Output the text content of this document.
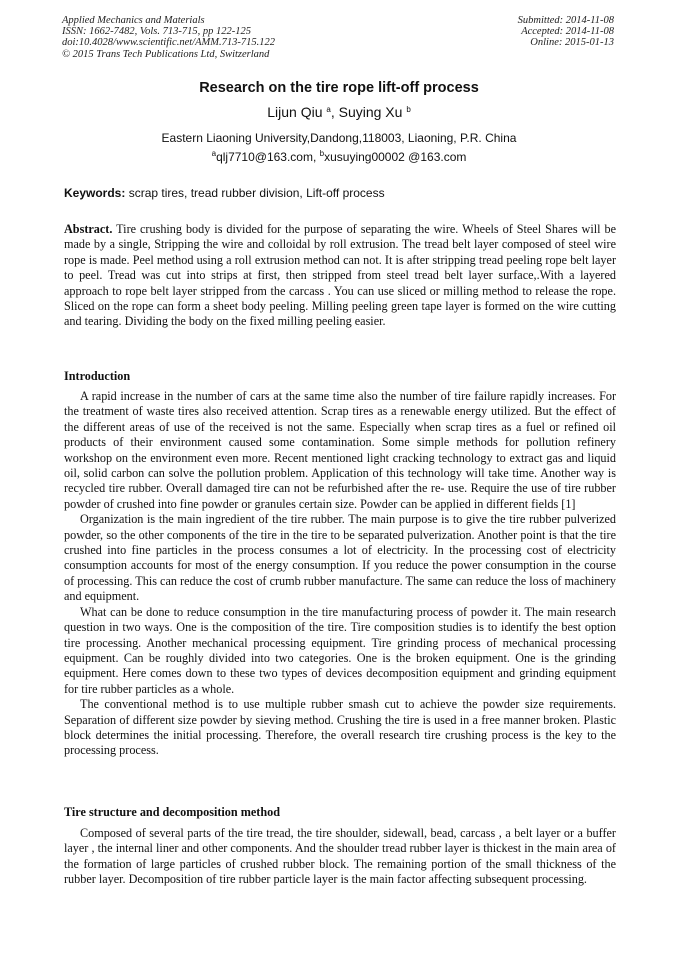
Applied Mechanics and Materials
ISSN: 1662-7482, Vols. 713-715, pp 122-125
doi:10.4028/www.scientific.net/AMM.713-715.122
© 2015 Trans Tech Publications Ltd, Switzerland
Submitted: 2014-11-08
Accepted: 2014-11-08
Online: 2015-01-13
Research on the tire rope lift-off process
Lijun Qiu $^a$, Suying Xu $^b$
Eastern Liaoning University,Dandong,118003, Liaoning, P.R. China
$^a$qlj7710@163.com, $^b$xusuying00002 @163.com
Keywords: scrap tires, tread rubber division, Lift-off process

Abstract. Tire crushing body is divided for the purpose of separating the wire. Wheels of Steel Shares will be made by a single, Stripping the wire and colloidal by roll extrusion. The tread belt layer composed of steel wire rope is made. Peel method using a roll extrusion method can not. It is after stripping tread peeling rope belt layer to peel. Tread was cut into strips at first, then stripped from steel tread belt layer surface,.With a layered approach to rope belt layer stripped from the carcass . You can use sliced or milling method to release the rope. Sliced on the rope can form a sheet body peeling. Milling peeling green tape layer is formed on the wire cutting and tearing. Dividing the body on the fixed milling peeling easier.

Introduction

A rapid increase in the number of cars at the same time also the number of tire failure rapidly increases. For the treatment of waste tires also received attention. Scrap tires as a renewable energy utilized. But the effect of the different areas of use of the received is not the same. Especially when scrap tires as a fuel or refined oil products of their environment caused some contamination. Some simple methods for pollution refinery workshop on the environment even more. Recent mentioned light cracking technology to extract gas and liquid oil, solid carbon can solve the pollution problem. Application of this technology will take time. Another way is recycled tire rubber. Overall damaged tire can not be refurbished after the re- use. Require the use of tire rubber powder of crushed into fine powder or granules certain size. Powder can be applied in different fields [1]

Organization is the main ingredient of the tire rubber. The main purpose is to give the tire rubber pulverized powder, so the other components of the tire in the tire to be separated pulverization. Another point is that the tire crushed into fine particles in the process consumes a lot of electricity. In the processing cost of electricity consumption accounts for most of the energy consumption. If you reduce the power consumption in the course of processing. This can reduce the cost of crumb rubber manufacture. The same can reduce the loss of machinery and equipment.

What can be done to reduce consumption in the tire manufacturing process of powder it. The main research question in two ways. One is the composition of the tire. Tire composition studies is to identify the best option tire processing. Another mechanical processing equipment. Tire grinding process of mechanical processing equipment. Can be roughly divided into two categories. One is the broken equipment. One is the grinding equipment. Here comes down to these two types of devices decomposition equipment and grinding equipment for tire rubber particles as a whole.

The conventional method is to use multiple rubber smash cut to achieve the powder size requirements. Separation of different size powder by sieving method. Crushing the tire is used in a free manner broken. Plastic block determines the initial processing. Therefore, the overall research tire crushing process is the key to the processing process.

Tire structure and decomposition method

Composed of several parts of the tire tread, the tire shoulder, sidewall, bead, carcass , a belt layer or a buffer layer , the internal liner and other components. And the shoulder tread rubber layer is thickest in the main area of the formation of large particles of crushed rubber block. The remaining portion of the small thickness of the rubber layer. Decomposition of tire rubber particle layer is the main factor affecting subsequent processing.
